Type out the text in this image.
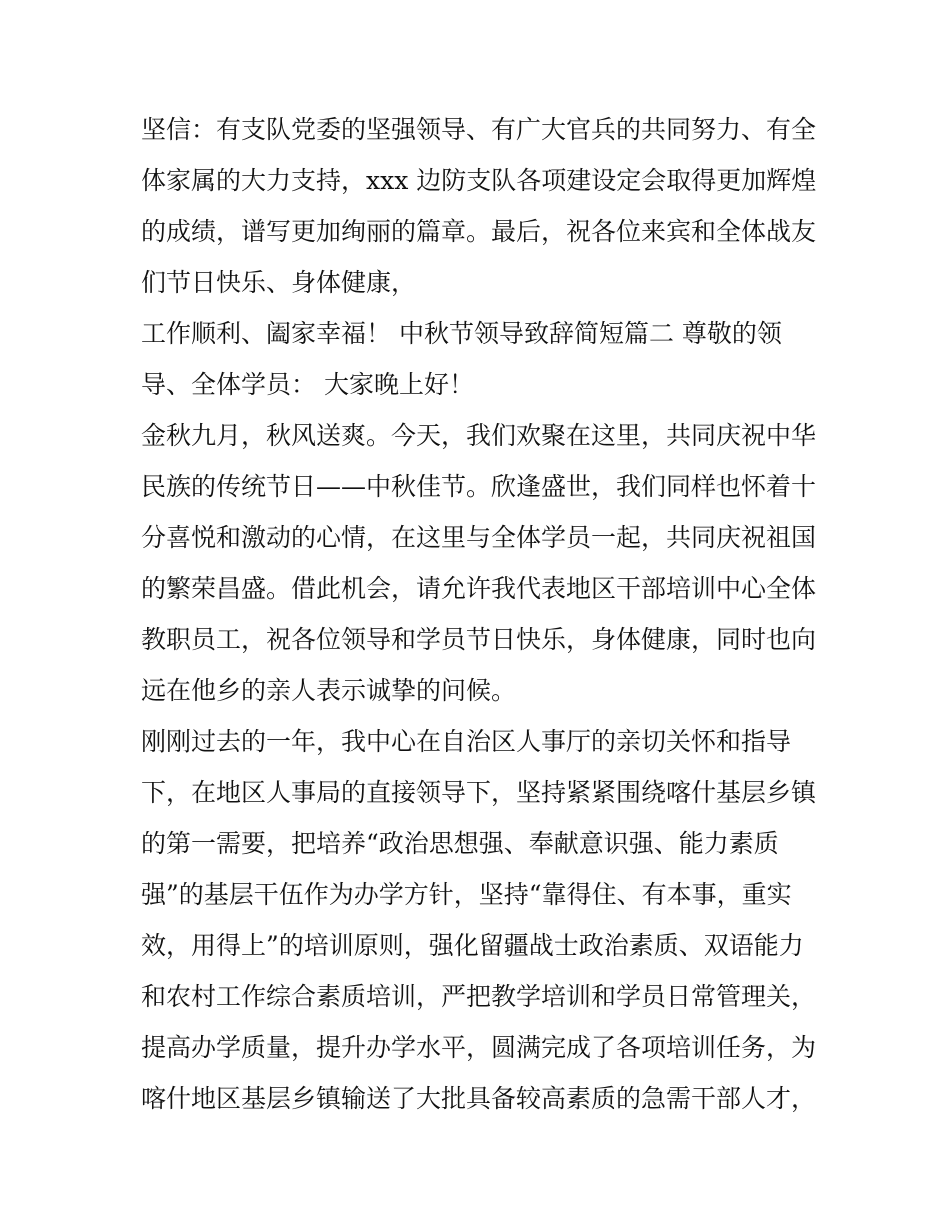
坚信：有支队党委的坚强领导、有广大官兵的共同努力、有全
体家属的大力支持，xxx 边防支队各项建设定会取得更加辉煌
的成绩，谱写更加绚丽的篇章。最后，祝各位来宾和全体战友
们节日快乐、身体健康，
工作顺利、阖家幸福！ 中秋节领导致辞简短篇二 尊敬的领
导、全体学员： 大家晚上好！
金秋九月，秋风送爽。今天，我们欢聚在这里，共同庆祝中华
民族的传统节日——中秋佳节。欣逢盛世，我们同样也怀着十
分喜悦和激动的心情，在这里与全体学员一起，共同庆祝祖国
的繁荣昌盛。借此机会，请允许我代表地区干部培训中心全体
教职员工，祝各位领导和学员节日快乐，身体健康，同时也向
远在他乡的亲人表示诚挚的问候。
刚刚过去的一年，我中心在自治区人事厅的亲切关怀和指导
下，在地区人事局的直接领导下，坚持紧紧围绕喀什基层乡镇
的第一需要，把培养“政治思想强、奉献意识强、能力素质
强”的基层干伍作为办学方针，坚持“靠得住、有本事，重实
效，用得上”的培训原则，强化留疆战士政治素质、双语能力
和农村工作综合素质培训，严把教学培训和学员日常管理关，
提高办学质量，提升办学水平，圆满完成了各项培训任务，为
喀什地区基层乡镇输送了大批具备较高素质的急需干部人才，
